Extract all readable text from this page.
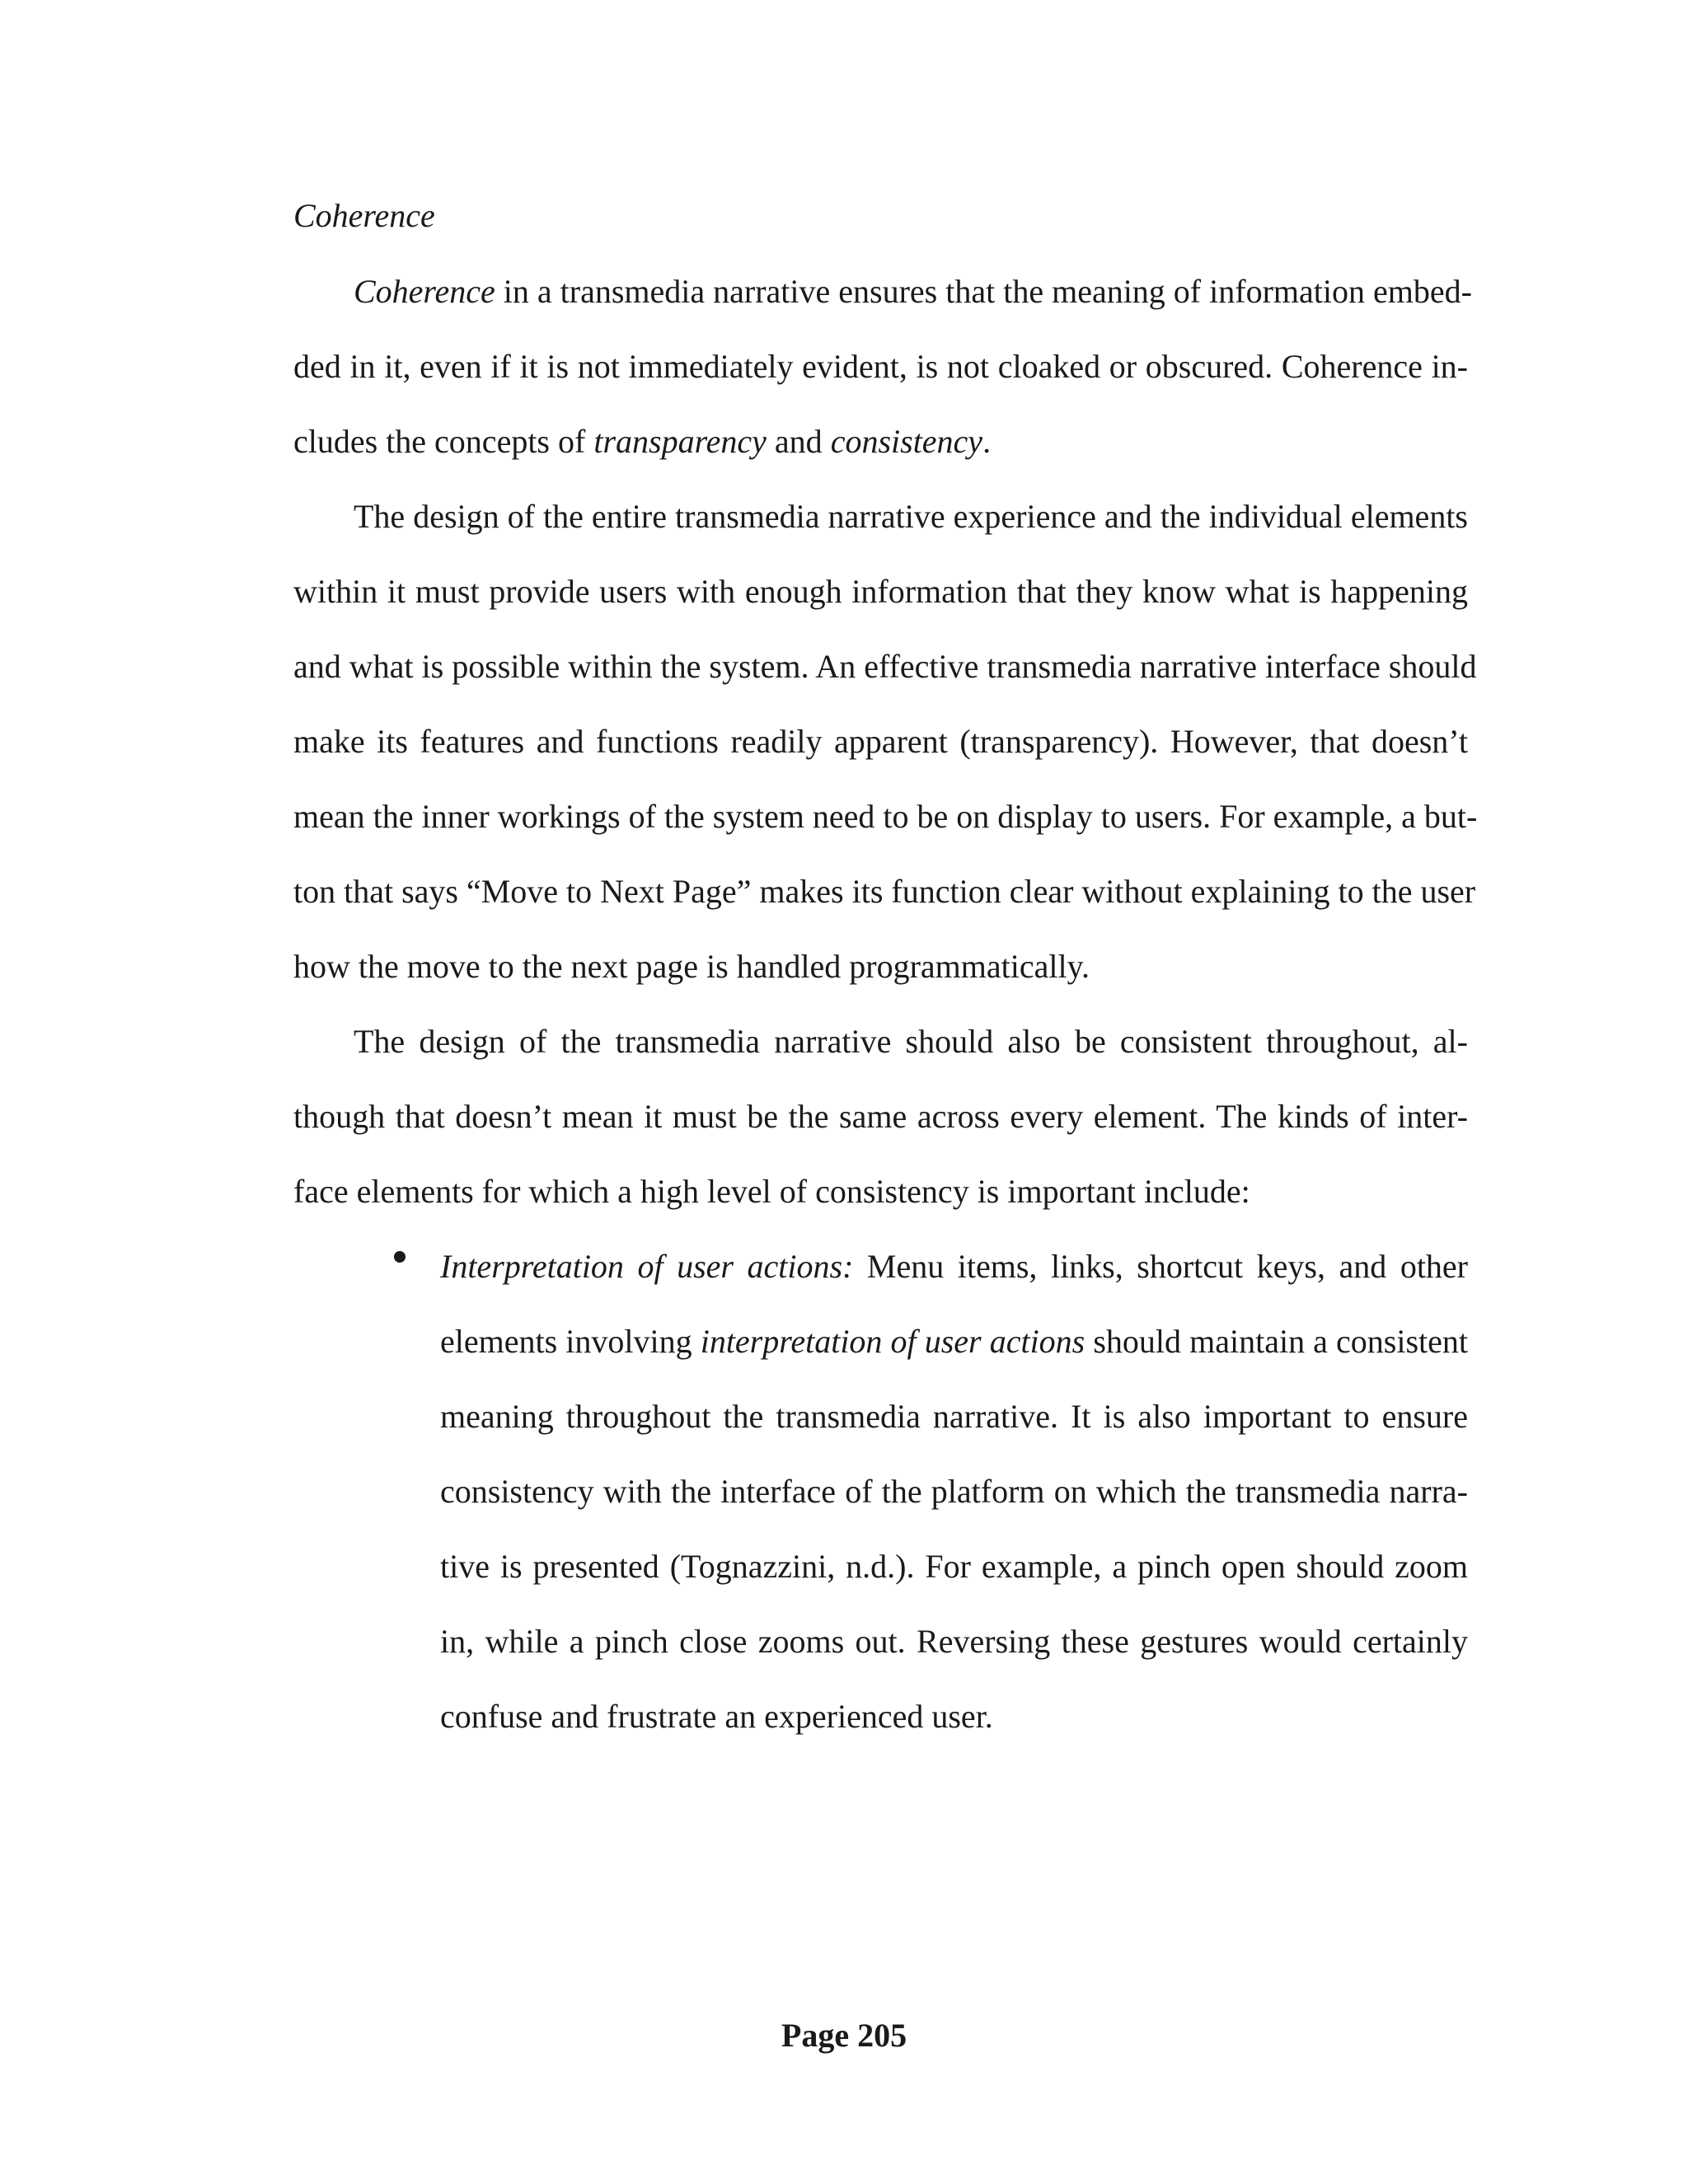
Coherence
Coherence in a transmedia narrative ensures that the meaning of information embed-
ded in it, even if it is not immediately evident, is not cloaked or obscured. Coherence in-
cludes the concepts of transparency and consistency.
The design of the entire transmedia narrative experience and the individual elements
within it must provide users with enough information that they know what is happening
and what is possible within the system. An effective transmedia narrative interface should
make its features and functions readily apparent (transparency). However, that doesn’t
mean the inner workings of the system need to be on display to users. For example, a but-
ton that says “Move to Next Page” makes its function clear without explaining to the user
how the move to the next page is handled programmatically.
The design of the transmedia narrative should also be consistent throughout, al-
though that doesn’t mean it must be the same across every element. The kinds of inter-
face elements for which a high level of consistency is important include:
Interpretation of user actions: Menu items, links, shortcut keys, and other
elements involving interpretation of user actions should maintain a consistent
meaning throughout the transmedia narrative. It is also important to ensure
consistency with the interface of the platform on which the transmedia narra-
tive is presented (Tognazzini, n.d.). For example, a pinch open should zoom
in, while a pinch close zooms out. Reversing these gestures would certainly
confuse and frustrate an experienced user.
Page 205
